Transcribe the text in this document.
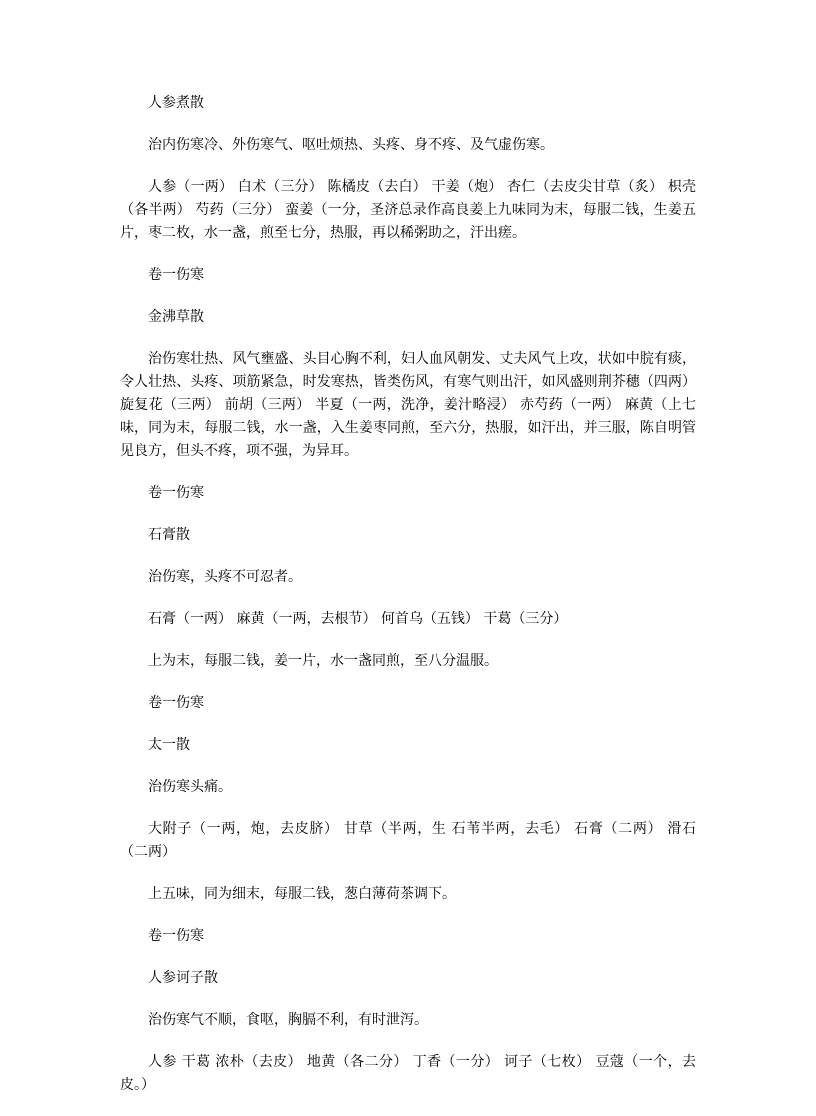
人参煮散

治内伤寒冷、外伤寒气、呕吐烦热、头疼、身不疼、及气虚伤寒。

人参（一两） 白术（三分） 陈橘皮（去白） 干姜（炮） 杏仁（去皮尖甘草（炙） 枳壳（各半两） 芍药（三分） 蛮姜（一分，圣济总录作高良姜上九味同为末，每服二钱，生姜五片，枣二枚，水一盏，煎至七分，热服，再以稀粥助之，汗出瘥。

卷一伤寒

金沸草散

治伤寒壮热、风气壅盛、头目心胸不利，妇人血风朝发、丈夫风气上攻，状如中脘有痰，令人壮热、头疼、项筋紧急，时发寒热，皆类伤风，有寒气则出汗，如风盛则荆芥穗（四两） 旋复花（三两） 前胡（三两） 半夏（一两，洗净，姜汁略浸） 赤芍药（一两） 麻黄（上七味，同为末，每服二钱，水一盏，入生姜枣同煎，至六分，热服，如汗出，并三服，陈自明管见良方，但头不疼，项不强，为异耳。

卷一伤寒

石膏散

治伤寒，头疼不可忍者。

石膏（一两） 麻黄（一两，去根节） 何首乌（五钱） 干葛（三分）

上为末，每服二钱，姜一片，水一盏同煎，至八分温服。

卷一伤寒

太一散

治伤寒头痛。

大附子（一两，炮，去皮脐） 甘草（半两，生 石苇半两，去毛） 石膏（二两） 滑石（二两）

上五味，同为细末，每服二钱，葱白薄荷茶调下。

卷一伤寒

人参诃子散

治伤寒气不顺，食呕，胸膈不利，有时泄泻。

人参 干葛 浓朴（去皮） 地黄（各二分） 丁香（一分） 诃子（七枚） 豆蔻（一个，去皮。）
